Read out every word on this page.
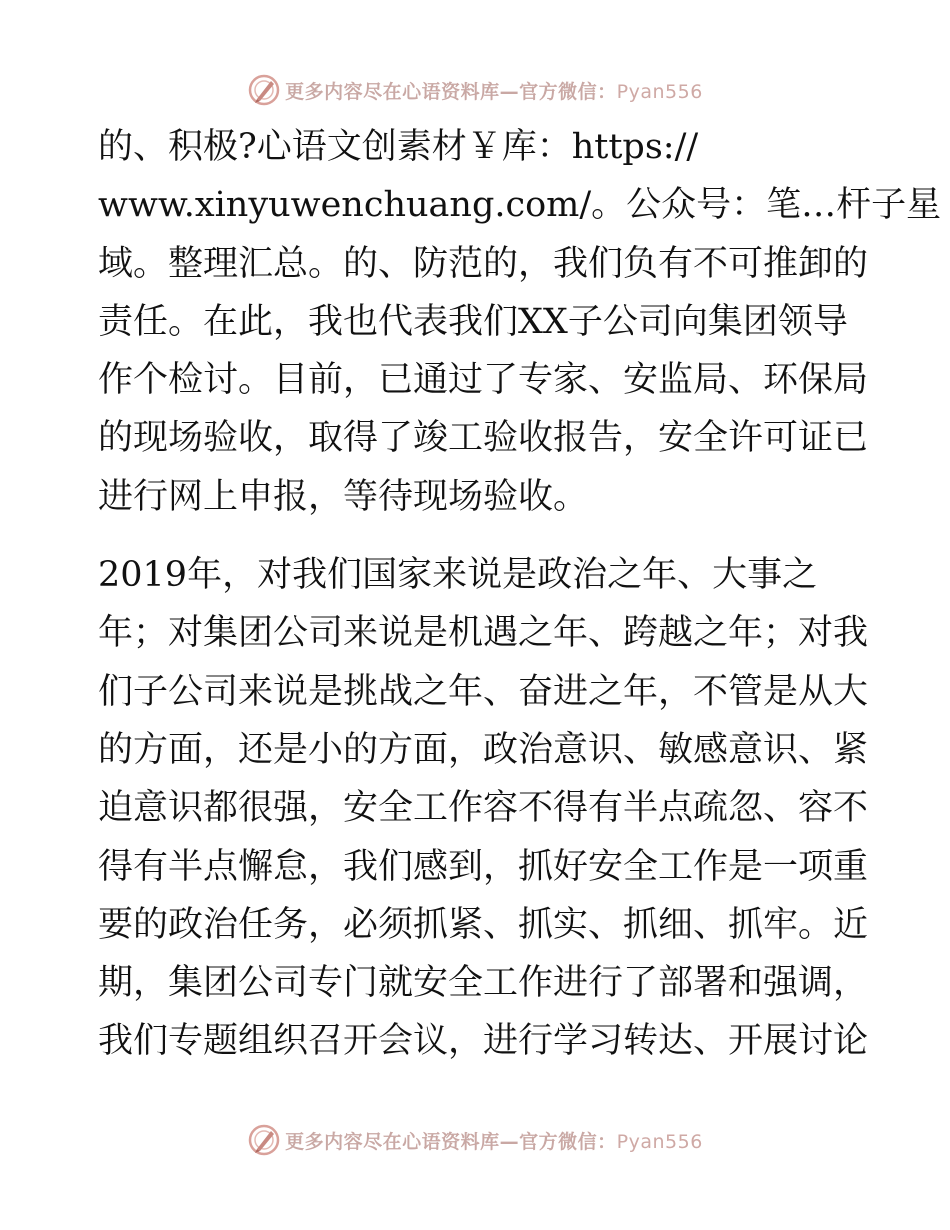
更多内容尽在心语资料库—官方微信：Pyan556
的、积极?心语文创素材￥库：https://
www.xinyuwenchuang.com/。公众号：笔…杆子星
域。整理汇总。的、防范的，我们负有不可推卸的
责任。在此，我也代表我们XX子公司向集团领导
作个检讨。目前，已通过了专家、安监局、环保局
的现场验收，取得了竣工验收报告，安全许可证已
进行网上申报，等待现场验收。
2019年，对我们国家来说是政治之年、大事之
年；对集团公司来说是机遇之年、跨越之年；对我
们子公司来说是挑战之年、奋进之年，不管是从大
的方面，还是小的方面，政治意识、敏感意识、紧
迫意识都很强，安全工作容不得有半点疏忽、容不
得有半点懈怠，我们感到，抓好安全工作是一项重
要的政治任务，必须抓紧、抓实、抓细、抓牢。近
期，集团公司专门就安全工作进行了部署和强调，
我们专题组织召开会议，进行学习转达、开展讨论
更多内容尽在心语资料库—官方微信：Pyan556
